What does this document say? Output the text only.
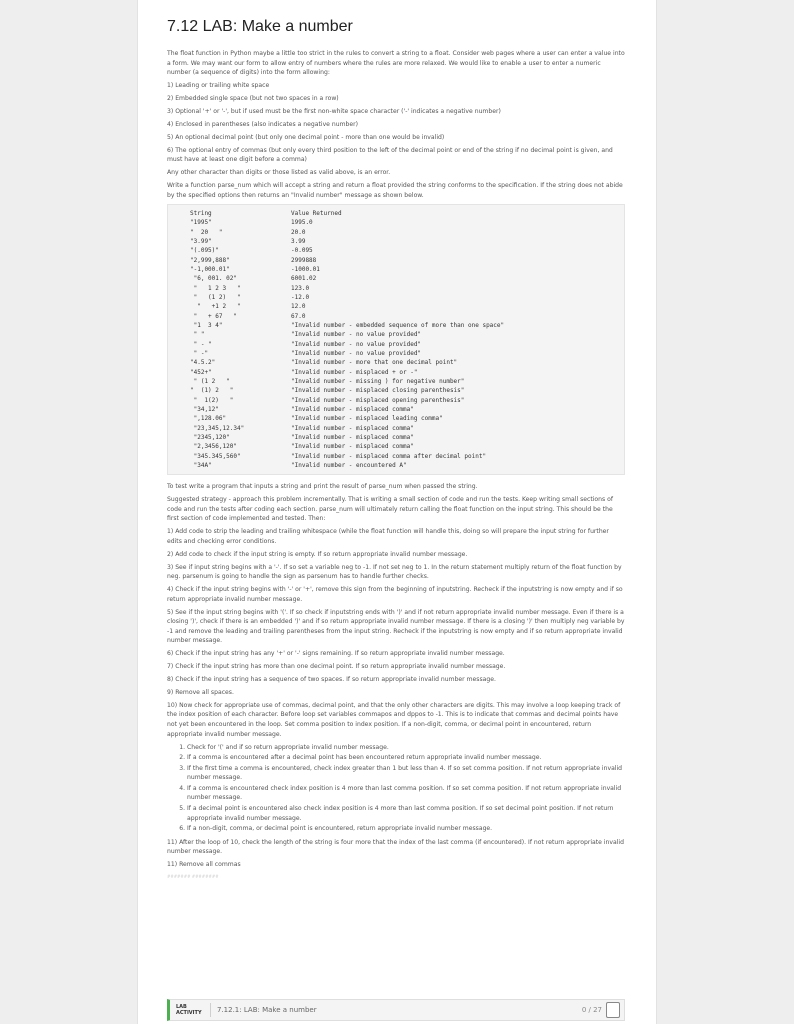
7.12 LAB: Make a number

The float function in Python maybe a little too strict in the rules to convert a string to a float. Consider web pages where a user can enter a value into a form. We may want our form to allow entry of numbers where the rules are more relaxed. We would like to enable a user to enter a numeric number (a sequence of digits) into the form allowing:

1) Leading or trailing white space

2) Embedded single space (but not two spaces in a row)

3) Optional '+' or '-', but if used must be the first non-white space character ('-' indicates a negative number)

4) Enclosed in parentheses (also indicates a negative number)

5) An optional decimal point (but only one decimal point - more than one would be invalid)

6) The optional entry of commas (but only every third position to the left of the decimal point or end of the string if no decimal point is given, and must have at least one digit before a comma)

Any other character than digits or those listed as valid above, is an error.

Write a function parse_num which will accept a string and return a float provided the string conforms to the specification. If the string does not abide by the specified options then returns an "Invalid number" message as shown below.

String	Value Returned
"1995"	1995.0
"  20   "	20.0
"3.99"	3.99
"(.095)"	-0.095
"2,999,888"	2999888
"-1,000.01"	-1000.01
"6, 001. 02"	6001.02
"   1 2 3   "	123.0
"   (1 2)   "	-12.0
"   +1 2   "	12.0
"   + 67   "	67.0
"1  3 4"	"Invalid number - embedded sequence of more than one space"
" "	"Invalid number - no value provided"
" - "	"Invalid number - no value provided"
" -"	"Invalid number - no value provided"
"4.5.2"	"Invalid number - more that one decimal point"
"452+"	"Invalid number - misplaced + or -"
" (1 2   "	"Invalid number - missing ) for negative number"
"  (1) 2   "	"Invalid number - misplaced closing parenthesis"
"  1(2)   "	"Invalid number - misplaced opening parenthesis"
"34,12"	"Invalid number - misplaced comma"
",128.06"	"Invalid number - misplaced leading comma"
"23,345,12.34"	"Invalid number - misplaced comma"
"2345,120"	"Invalid number - misplaced comma"
"2,3456,120"	"Invalid number - misplaced comma"
"345.345,560"	"Invalid number - misplaced comma after decimal point"
"34A"	"Invalid number - encountered A"

To test write a program that inputs a string and print the result of parse_num when passed the string.

Suggested strategy - approach this problem incrementally. That is writing a small section of code and run the tests. Keep writing small sections of code and run the tests after coding each section. parse_num will ultimately return calling the float function on the input string. This should be the first section of code implemented and tested. Then:

1) Add code to strip the leading and trailing whitespace (while the float function will handle this, doing so will prepare the input string for further edits and checking error conditions.

2) Add code to check if the input string is empty. If so return appropriate invalid number message.

3) See if input string begins with a '-'. If so set a variable neg to -1. If not set neg to 1. In the return statement multiply return of the float function by neg. parsenum is going to handle the sign as parsenum has to handle further checks.

4) Check if the input string begins with '-' or '+', remove this sign from the beginning of inputstring. Recheck if the inputstring is now empty and if so return appropriate invalid number message.

5) See if the input string begins with '('. If so check if inputstring ends with ')' and if not return appropriate invalid number message. Even if there is a closing ')', check if there is an embedded ')' and if so return appropriate invalid number message. If there is a closing ')' then multiply neg variable by -1 and remove the leading and trailing parentheses from the input string. Recheck if the inputstring is now empty and if so return appropriate invalid number message.

6) Check if the input string has any '+' or '-' signs remaining. If so return appropriate invalid number message.

7) Check if the input string has more than one decimal point. If so return appropriate invalid number message.

8) Check if the input string has a sequence of two spaces. If so return appropriate invalid number message.

9) Remove all spaces.

10) Now check for appropriate use of commas, decimal point, and that the only other characters are digits. This may involve a loop keeping track of the index position of each character. Before loop set variables commapos and dppos to -1. This is to indicate that commas and decimal points have not yet been encountered in the loop. Set comma position to index position. If a non-digit, comma, or decimal point in encountered, return appropriate invalid number message.

1. Check for '(' and if so return appropriate invalid number message.
2. If a comma is encountered after a decimal point has been encountered return appropriate invalid number message.
3. If the first time a comma is encountered, check index greater than 1 but less than 4. If so set comma position. If not return appropriate invalid number message.
4. If a comma is encountered check index position is 4 more than last comma position. If so set comma position. If not return appropriate invalid number message.
5. If a decimal point is encountered also check index position is 4 more than last comma position. If so set decimal point position. If not return appropriate invalid number message.
6. If a non-digit, comma, or decimal point is encountered, return appropriate invalid number message.

11) After the loop of 10, check the length of the string is four more that the index of the last comma (if encountered). If not return appropriate invalid number message.

11) Remove all commas

####### ########
LAB
ACTIVITY	7.12.1: LAB: Make a number	0 / 27
